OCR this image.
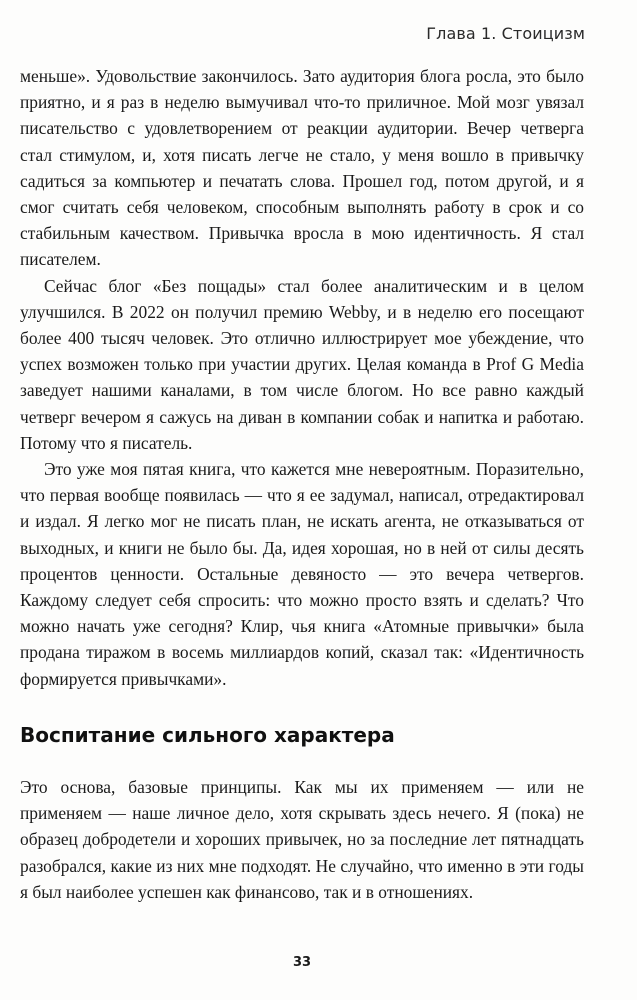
Глава 1. Стоицизм

меньше». Удовольствие закончилось. Зато аудитория блога росла, это было приятно, и я раз в неделю вымучивал что-то приличное. Мой мозг увязал писательство с удовлетворением от реакции аудитории. Вечер четверга стал стимулом, и, хотя писать легче не стало, у меня вошло в привычку садиться за компьютер и печатать слова. Прошел год, потом другой, и я смог считать себя человеком, способным выполнять работу в срок и со стабильным качеством. Привычка вросла в мою идентичность. Я стал писателем.

Сейчас блог «Без пощады» стал более аналитическим и в целом улучшился. В 2022 он получил премию Webby, и в неделю его посещают более 400 тысяч человек. Это отлично иллюстрирует мое убеждение, что успех возможен только при участии других. Целая команда в Prof G Media заведует нашими каналами, в том числе блогом. Но все равно каждый четверг вечером я сажусь на диван в компании собак и напитка и работаю. Потому что я писатель.

Это уже моя пятая книга, что кажется мне невероятным. Поразительно, что первая вообще появилась — что я ее задумал, написал, отредактировал и издал. Я легко мог не писать план, не искать агента, не отказываться от выходных, и книги не было бы. Да, идея хорошая, но в ней от силы десять процентов ценности. Остальные девяносто — это вечера четвергов. Каждому следует себя спросить: что можно просто взять и сделать? Что можно начать уже сегодня? Клир, чья книга «Атомные привычки» была продана тиражом в восемь миллиардов копий, сказал так: «Идентичность формируется привычками».

Воспитание сильного характера

Это основа, базовые принципы. Как мы их применяем — или не применяем — наше личное дело, хотя скрывать здесь нечего. Я (пока) не образец добродетели и хороших привычек, но за последние лет пятнадцать разобрался, какие из них мне подходят. Не случайно, что именно в эти годы я был наиболее успешен как финансово, так и в отношениях.

33
